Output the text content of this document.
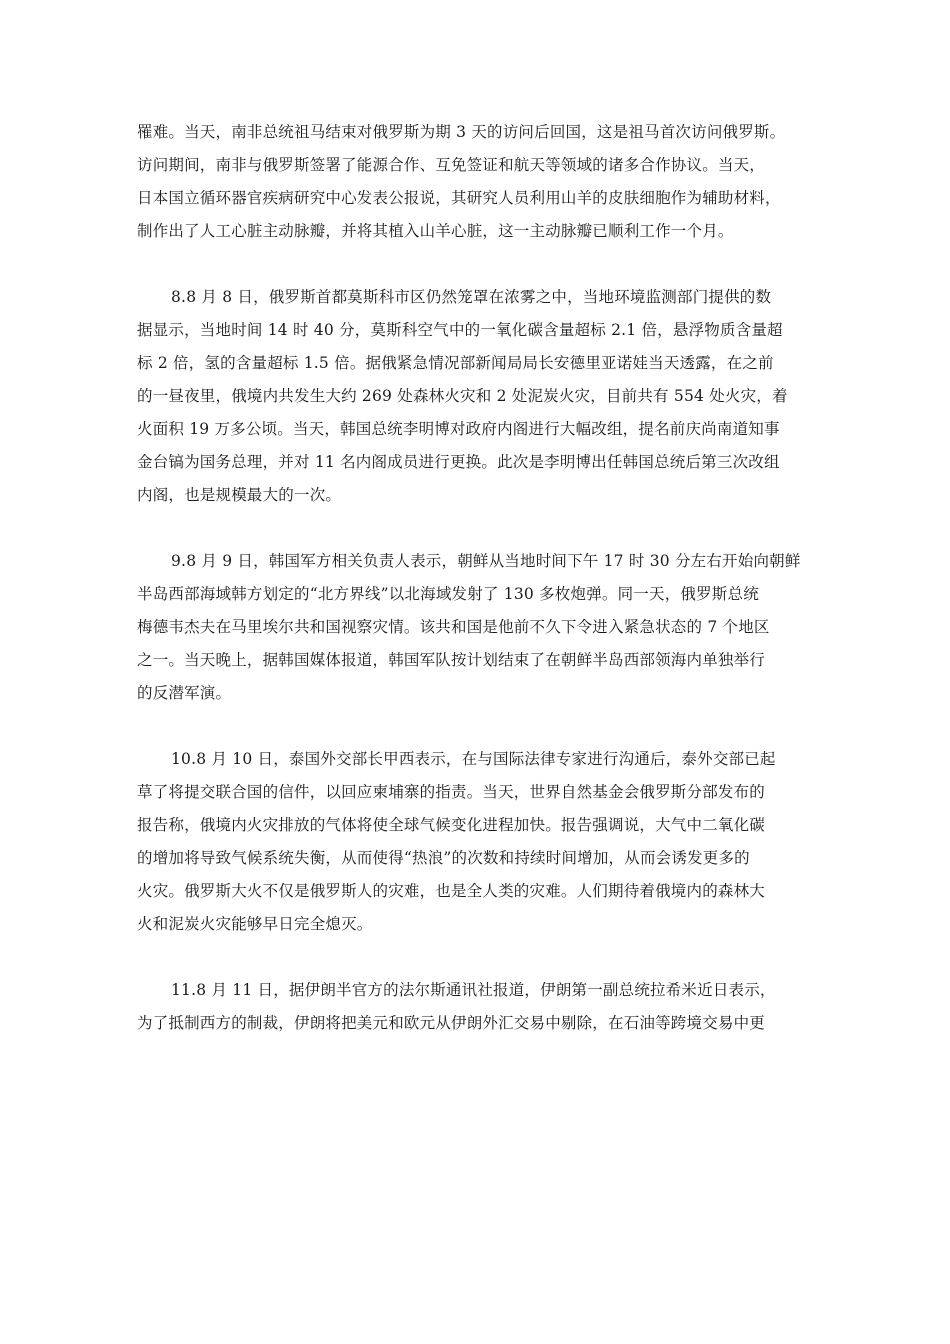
罹难。当天，南非总统祖马结束对俄罗斯为期 3 天的访问后回国，这是祖马首次访问俄罗斯。
访问期间，南非与俄罗斯签署了能源合作、互免签证和航天等领域的诸多合作协议。当天，
日本国立循环器官疾病研究中心发表公报说，其研究人员利用山羊的皮肤细胞作为辅助材料，
制作出了人工心脏主动脉瓣，并将其植入山羊心脏，这一主动脉瓣已顺利工作一个月。

8.8 月 8 日，俄罗斯首都莫斯科市区仍然笼罩在浓雾之中，当地环境监测部门提供的数
据显示，当地时间 14 时 40 分，莫斯科空气中的一氧化碳含量超标 2.1 倍，悬浮物质含量超
标 2 倍，氢的含量超标 1.5 倍。据俄紧急情况部新闻局局长安德里亚诺娃当天透露，在之前
的一昼夜里，俄境内共发生大约 269 处森林火灾和 2 处泥炭火灾，目前共有 554 处火灾，着
火面积 19 万多公顷。当天，韩国总统李明博对政府内阁进行大幅改组，提名前庆尚南道知事
金台镐为国务总理，并对 11 名内阁成员进行更换。此次是李明博出任韩国总统后第三次改组
内阁，也是规模最大的一次。

9.8 月 9 日，韩国军方相关负责人表示，朝鲜从当地时间下午 17 时 30 分左右开始向朝鲜
半岛西部海域韩方划定的“北方界线”以北海域发射了 130 多枚炮弹。同一天，俄罗斯总统
梅德韦杰夫在马里埃尔共和国视察灾情。该共和国是他前不久下令进入紧急状态的 7 个地区
之一。当天晚上，据韩国媒体报道，韩国军队按计划结束了在朝鲜半岛西部领海内单独举行
的反潜军演。

10.8 月 10 日，泰国外交部长甲西表示，在与国际法律专家进行沟通后，泰外交部已起
草了将提交联合国的信件，以回应柬埔寨的指责。当天，世界自然基金会俄罗斯分部发布的
报告称，俄境内火灾排放的气体将使全球气候变化进程加快。报告强调说，大气中二氧化碳
的增加将导致气候系统失衡，从而使得“热浪”的次数和持续时间增加，从而会诱发更多的
火灾。俄罗斯大火不仅是俄罗斯人的灾难，也是全人类的灾难。人们期待着俄境内的森林大
火和泥炭火灾能够早日完全熄灭。

11.8 月 11 日，据伊朗半官方的法尔斯通讯社报道，伊朗第一副总统拉希米近日表示，
为了抵制西方的制裁，伊朗将把美元和欧元从伊朗外汇交易中剔除，在石油等跨境交易中更
